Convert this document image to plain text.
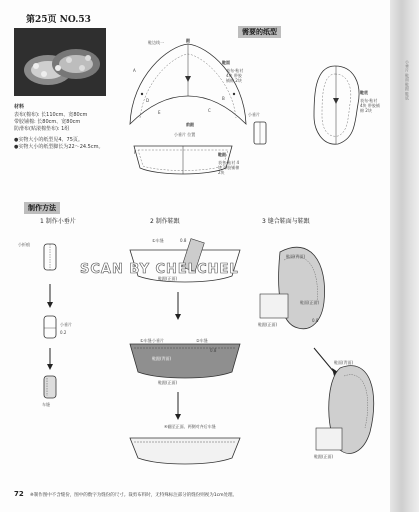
小垂片 鞋面 鞋跟 鞋底
第25页 NO.53
材料
表布(棉布): 长110cm、宽80cm
带胶铺棉: 长80cm、宽80cm
防滑布(贴滚棉垫布): 1组
●实物大小的纸型见4、75页。
●实物大小的纸型脚长为22～24.5cm。
需要的纸型
鞋边线一	跟
鞋面
表布·粘衬 4块 带胶铺棉 2块
A
D
E	C
B
前跟
小垂片 位置
鞋跟
表布·粘衬 4块 带胶铺棉 2块
F
小垂片
鞋底
表布·粘衬 4块 带胶铺棉 2块
制作方法
1 制作小垂片	2 制作鞋跟	3 缝合鞋面与鞋跟
小折痕
小垂片
0.2
车缝
①车缝	0.8
鞋跟(正面)
鞋跟(背面)
鞋跟(正面)
小垂片	②车缝
①车缝
0.8
④翻至正面、两侧对齐后车缝
鞋面(背面)
鞋面(正面)
0.8
鞋跟(正面)
鞋面(背面)
鞋跟(正面)
SCAN BY CHELCHEL
72 ※制作图中不含缝份，图中的数字为缝份的尺寸。裁剪布料时，无特殊标注部分的缝份则视为1cm处理。
